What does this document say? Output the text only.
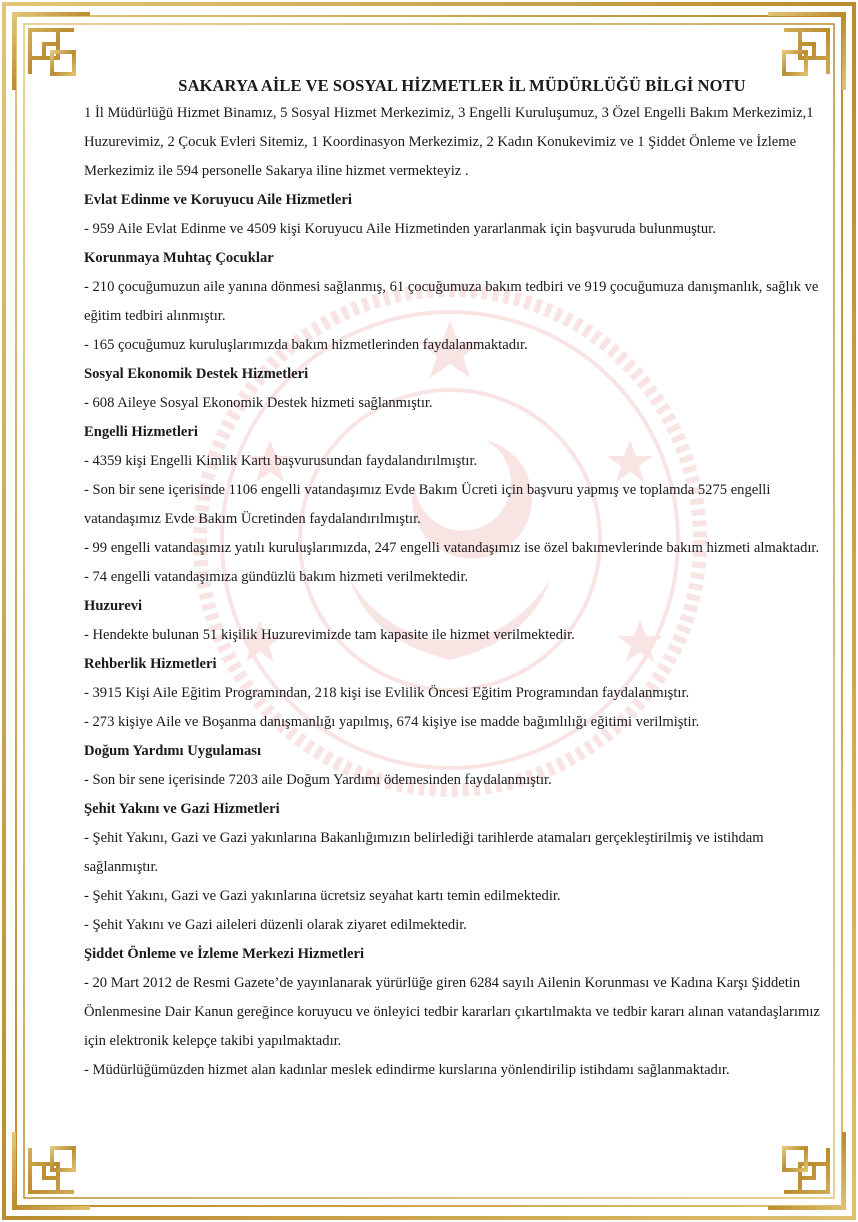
SAKARYA AİLE VE SOSYAL HİZMETLER İL MÜDÜRLÜĞÜ BİLGİ NOTU

1 İl Müdürlüğü Hizmet Binamız, 5 Sosyal Hizmet Merkezimiz, 3 Engelli Kuruluşumuz, 3 Özel Engelli Bakım Merkezimiz,1 Huzurevimiz, 2 Çocuk Evleri Sitemiz, 1 Koordinasyon Merkezimiz, 2 Kadın Konukevimiz ve 1 Şiddet Önleme ve İzleme Merkezimiz ile 594 personelle Sakarya iline hizmet vermekteyiz .

Evlat Edinme ve Koruyucu Aile Hizmetleri

- 959 Aile Evlat Edinme ve 4509 kişi Koruyucu Aile Hizmetinden yararlanmak için başvuruda bulunmuştur.

Korunmaya Muhtaç Çocuklar

- 210 çocuğumuzun aile yanına dönmesi sağlanmış, 61 çocuğumuza bakım tedbiri ve 919 çocuğumuza danışmanlık, sağlık ve eğitim tedbiri alınmıştır.

- 165 çocuğumuz kuruluşlarımızda bakım hizmetlerinden faydalanmaktadır.

Sosyal Ekonomik Destek Hizmetleri

- 608 Aileye Sosyal Ekonomik Destek hizmeti sağlanmıştır.

Engelli Hizmetleri

- 4359 kişi Engelli Kimlik Kartı başvurusundan faydalandırılmıştır.

- Son bir sene içerisinde 1106 engelli vatandaşımız Evde Bakım Ücreti için başvuru yapmış ve toplamda 5275 engelli vatandaşımız Evde Bakım Ücretinden faydalandırılmıştır.

- 99 engelli vatandaşımız yatılı kuruluşlarımızda, 247 engelli vatandaşımız ise özel bakımevlerinde bakım hizmeti almaktadır.

- 74 engelli vatandaşımıza gündüzlü bakım hizmeti verilmektedir.

Huzurevi

- Hendekte bulunan 51 kişilik Huzurevimizde tam kapasite ile hizmet verilmektedir.

Rehberlik Hizmetleri

- 3915 Kişi Aile Eğitim Programından, 218 kişi ise Evlilik Öncesi Eğitim Programından faydalanmıştır.

- 273 kişiye Aile ve Boşanma danışmanlığı yapılmış, 674 kişiye ise madde bağımlılığı eğitimi verilmiştir.

Doğum Yardımı Uygulaması

- Son bir sene içerisinde 7203 aile Doğum Yardımı ödemesinden faydalanmıştır.

Şehit Yakını ve Gazi Hizmetleri

- Şehit Yakını, Gazi ve Gazi yakınlarına Bakanlığımızın belirlediği tarihlerde atamaları gerçekleştirilmiş ve istihdam sağlanmıştır.

- Şehit Yakını, Gazi ve Gazi yakınlarına ücretsiz seyahat kartı temin edilmektedir.

- Şehit Yakını ve Gazi aileleri düzenli olarak ziyaret edilmektedir.

Şiddet Önleme ve İzleme Merkezi Hizmetleri

- 20 Mart 2012 de Resmi Gazete’de yayınlanarak yürürlüğe giren 6284 sayılı Ailenin Korunması ve Kadına Karşı Şiddetin Önlenmesine Dair Kanun gereğince koruyucu ve önleyici tedbir kararları çıkartılmakta ve tedbir kararı alınan vatandaşlarımız için elektronik kelepçe takibi yapılmaktadır.

- Müdürlüğümüzden hizmet alan kadınlar meslek edindirme kurslarına yönlendirilip istihdamı sağlanmaktadır.
